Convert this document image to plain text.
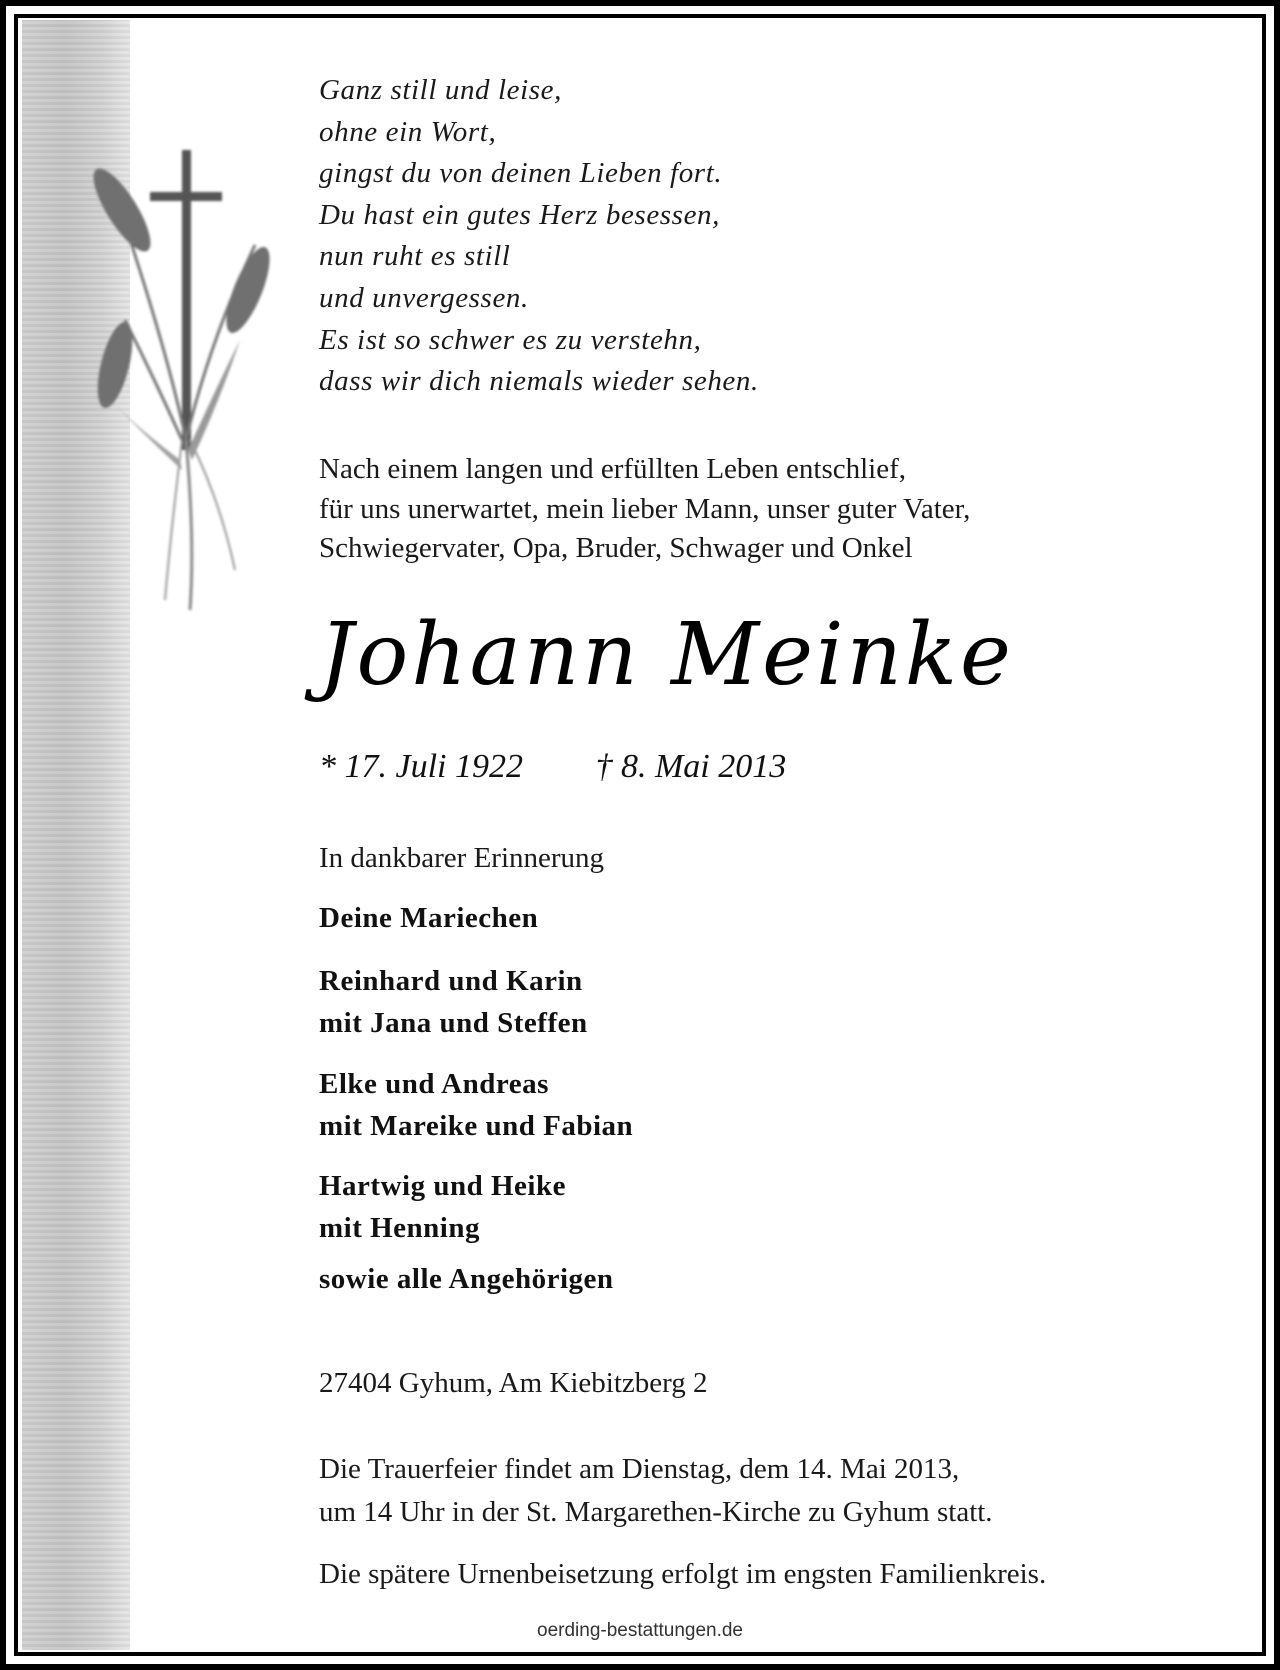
Ganz still und leise,
ohne ein Wort,
gingst du von deinen Lieben fort.
Du hast ein gutes Herz besessen,
nun ruht es still
und unvergessen.
Es ist so schwer es zu verstehn,
dass wir dich niemals wieder sehen.
Nach einem langen und erfüllten Leben entschlief,
für uns unerwartet, mein lieber Mann, unser guter Vater,
Schwiegervater, Opa, Bruder, Schwager und Onkel
Johann Meinke
* 17. Juli 1922 † 8. Mai 2013
In dankbarer Erinnerung
Deine Mariechen
Reinhard und Karin
mit Jana und Steffen
Elke und Andreas
mit Mareike und Fabian
Hartwig und Heike
mit Henning
sowie alle Angehörigen
27404 Gyhum, Am Kiebitzberg 2
Die Trauerfeier findet am Dienstag, dem 14. Mai 2013,
um 14 Uhr in der St. Margarethen-Kirche zu Gyhum statt.
Die spätere Urnenbeisetzung erfolgt im engsten Familienkreis.
oerding-bestattungen.de
